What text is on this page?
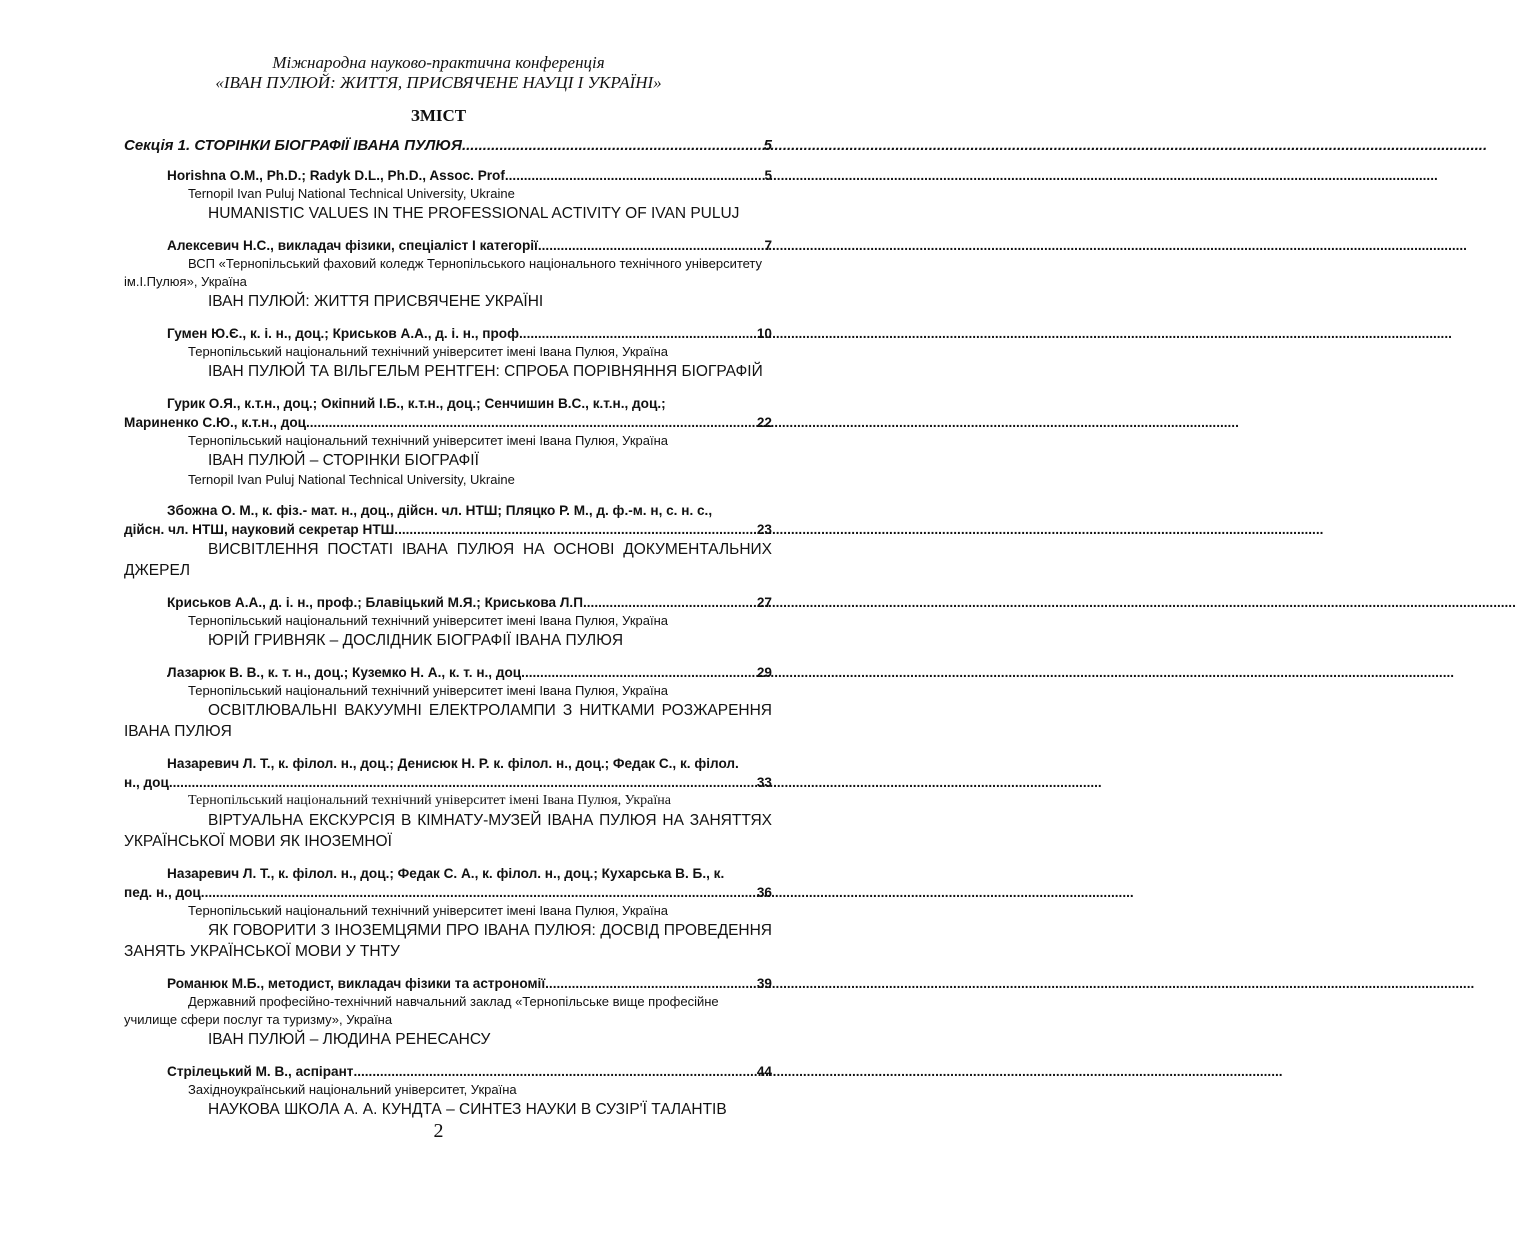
Міжнародна науково-практична конференція
«ІВАН ПУЛЮЙ: ЖИТТЯ, ПРИСВЯЧЕНЕ НАУЦІ І УКРАЇНІ»
ЗМІСТ
Секція 1. СТОРІНКИ БІОГРАФІЇ ІВАНА ПУЛЮЯ .....	5
Horishna O.M., Ph.D.; Radyk D.L., Ph.D., Assoc. Prof. .....	5
Ternopil Ivan Puluj National Technical University, Ukraine
HUMANISTIC VALUES IN THE PROFESSIONAL ACTIVITY OF IVAN PULUJ
Алексевич Н.С., викладач фізики, спеціаліст І категорії .....	7
ВСП «Тернопільський фаховий коледж Тернопільського національного технічного університету ім.І.Пулюя», Україна
ІВАН ПУЛЮЙ: ЖИТТЯ ПРИСВЯЧЕНЕ УКРАЇНІ
Гумен Ю.Є., к. і. н., доц.; Криськов А.А., д. і. н., проф. .....	10
Тернопільський національний технічний університет імені Івана Пулюя, Україна
ІВАН ПУЛЮЙ ТА ВІЛЬГЕЛЬМ РЕНТГЕН: СПРОБА ПОРІВНЯННЯ БІОГРАФІЙ
Гурик О.Я., к.т.н., доц.; Окіпний І.Б., к.т.н., доц.; Сенчишин В.С., к.т.н., доц.;
Мариненко С.Ю., к.т.н., доц. .....	22
Тернопільський національний технічний університет імені Івана Пулюя, Україна
ІВАН ПУЛЮЙ – СТОРІНКИ БІОГРАФІЇ
Ternopil Ivan Puluj National Technical University, Ukraine
Збожна О. М., к. фіз.- мат. н., доц., дійсн. чл. НТШ; Пляцко Р. М., д. ф.-м. н, с. н. с.,
дійсн. чл. НТШ, науковий секретар НТШ .....	23
ВИСВІТЛЕННЯ ПОСТАТІ ІВАНА ПУЛЮЯ НА ОСНОВІ ДОКУМЕНТАЛЬНИХ ДЖЕРЕЛ
Криськов А.А., д. і. н., проф.; Блавіцький М.Я.; Криськова Л.П. .....	27
Тернопільський національний технічний університет імені Івана Пулюя, Україна
ЮРІЙ ГРИВНЯК – ДОСЛІДНИК БІОГРАФІЇ ІВАНА ПУЛЮЯ
Лазарюк В. В., к. т. н., доц.; Куземко Н. А., к. т. н., доц. .....	29
Тернопільський національний технічний університет імені Івана Пулюя, Україна
ОСВІТЛЮВАЛЬНІ ВАКУУМНІ ЕЛЕКТРОЛАМПИ З НИТКАМИ РОЗЖАРЕННЯ ІВАНА ПУЛЮЯ
Назаревич Л. Т., к. філол. н., доц.; Денисюк Н. Р. к. філол. н., доц.; Федак С., к. філол.
н., доц. .....	33
Тернопільський національний технічний університет імені Івана Пулюя, Україна
ВІРТУАЛЬНА ЕКСКУРСІЯ В КІМНАТУ-МУЗЕЙ ІВАНА ПУЛЮЯ НА ЗАНЯТТЯХ УКРАЇНСЬКОЇ МОВИ ЯК ІНОЗЕМНОЇ
Назаревич Л. Т., к. філол. н., доц.; Федак С. А., к. філол. н., доц.; Кухарська В. Б., к.
пед. н., доц. .....	36
Тернопільський національний технічний університет імені Івана Пулюя, Україна
ЯК ГОВОРИТИ З ІНОЗЕМЦЯМИ ПРО ІВАНА ПУЛЮЯ: ДОСВІД ПРОВЕДЕННЯ ЗАНЯТЬ УКРАЇНСЬКОЇ МОВИ У ТНТУ
Романюк М.Б., методист, викладач фізики та астрономії .....	39
Державний професійно-технічний навчальний заклад «Тернопільське вище професійне училище сфери послуг та туризму», Україна
ІВАН ПУЛЮЙ – ЛЮДИНА РЕНЕСАНСУ
Стрілецький М. В., аспірант .....	44
Західноукраїнський національний університет, Україна
НАУКОВА ШКОЛА А. А. КУНДТА – СИНТЕЗ НАУКИ В СУЗІР'Ї ТАЛАНТІВ
2
